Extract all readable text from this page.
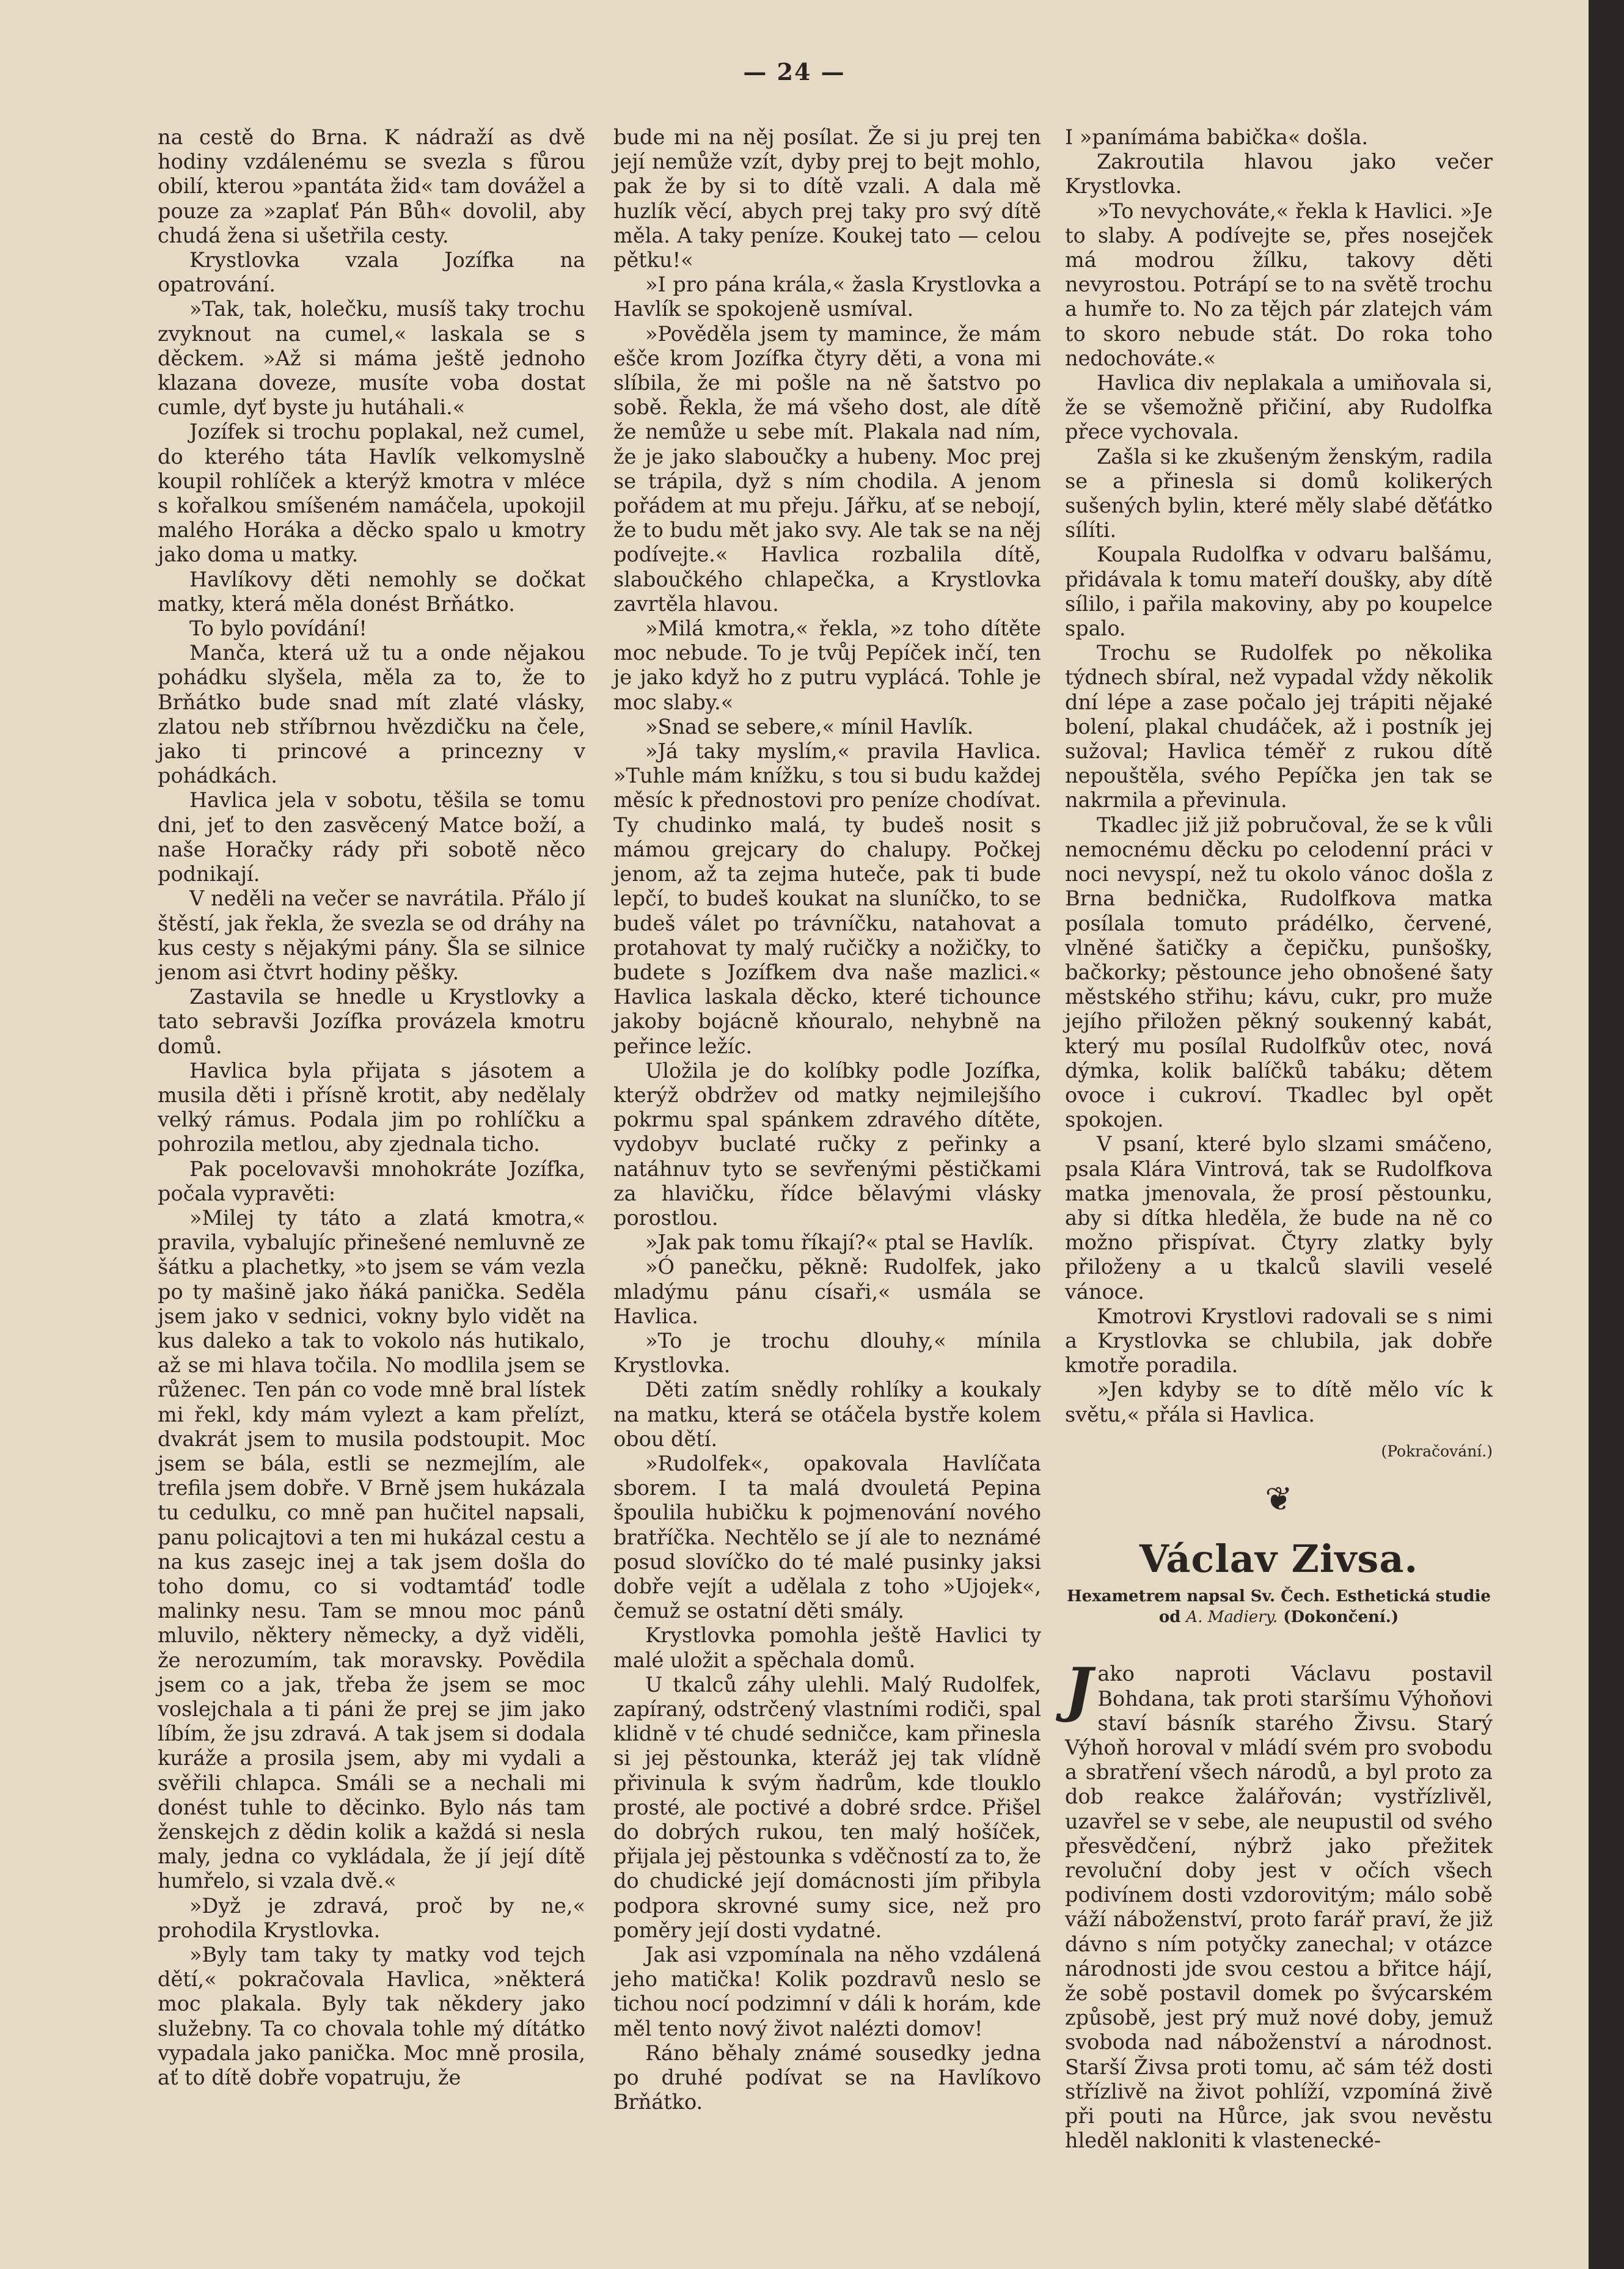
— 24 —

na cestě do Brna. K nádraží as dvě hodiny vzdálenému se svezla s fůrou obilí, kterou »pantáta žid« tam dovážel a pouze za »zaplať Pán Bůh« dovolil, aby chudá žena si ušetřila cesty.

Krystlovka vzala Jozífka na opatrování.

»Tak, tak, holečku, musíš taky trochu zvyknout na cumel,« laskala se s děckem. »Až si máma ještě jednoho klazana doveze, musíte voba dostat cumle, dyť byste ju hutáhali.«

Jozífek si trochu poplakal, než cumel, do kterého táta Havlík velkomyslně koupil rohlíček a kterýž kmotra v mléce s kořalkou smíšeném namáčela, upokojil malého Horáka a děcko spalo u kmotry jako doma u matky.

Havlíkovy děti nemohly se dočkat matky, která měla donést Brňátko.

To bylo povídání!

Manča, která už tu a onde nějakou pohádku slyšela, měla za to, že to Brňátko bude snad mít zlaté vlásky, zlatou neb stříbrnou hvězdičku na čele, jako ti princové a princezny v pohádkách.

Havlica jela v sobotu, těšila se tomu dni, jeť to den zasvěcený Matce boží, a naše Horačky rády při sobotě něco podnikají.

V neděli na večer se navrátila. Přálo jí štěstí, jak řekla, že svezla se od dráhy na kus cesty s nějakými pány. Šla se silnice jenom asi čtvrt hodiny pěšky.

Zastavila se hnedle u Krystlovky a tato sebravši Jozífka provázela kmotru domů.

Havlica byla přijata s jásotem a musila děti i přísně krotit, aby nedělaly velký rámus. Podala jim po rohlíčku a pohrozila metlou, aby zjednala ticho.

Pak pocelovavši mnohokráte Jozífka, počala vypravěti:

»Milej ty táto a zlatá kmotra,« pravila, vybalujíc přinešené nemluvně ze šátku a plachetky, »to jsem se vám vezla po ty mašině jako ňáká panička. Seděla jsem jako v sednici, vokny bylo vidět na kus daleko a tak to vokolo nás hutikalo, až se mi hlava točila. No modlila jsem se růženec. Ten pán co vode mně bral lístek mi řekl, kdy mám vylezt a kam přelízt, dvakrát jsem to musila podstoupit. Moc jsem se bála, estli se nezmejlím, ale trefila jsem dobře. V Brně jsem hukázala tu cedulku, co mně pan hučitel napsali, panu policajtovi a ten mi hukázal cestu a na kus zasejc inej a tak jsem došla do toho domu, co si vodtamtáď todle malinky nesu. Tam se mnou moc pánů mluvilo, některy německy, a dyž viděli, že nerozumím, tak moravsky. Povědila jsem co a jak, třeba že jsem se moc voslejchala a ti páni že prej se jim jako líbím, že jsu zdravá. A tak jsem si dodala kuráže a prosila jsem, aby mi vydali a svěřili chlapca. Smáli se a nechali mi donést tuhle to děcinko. Bylo nás tam ženskejch z dědin kolik a každá si nesla maly, jedna co vykládala, že jí její dítě humřelo, si vzala dvě.«

»Dyž je zdravá, proč by ne,« prohodila Krystlovka.

»Byly tam taky ty matky vod tejch dětí,« pokračovala Havlica, »některá moc plakala. Byly tak někdery jako služebny. Ta co chovala tohle mý dítátko vypadala jako panička. Moc mně prosila, ať to dítě dobře vopatruju, že

bude mi na něj posílat. Že si ju prej ten její nemůže vzít, dyby prej to bejt mohlo, pak že by si to dítě vzali. A dala mě huzlík věcí, abych prej taky pro svý dítě měla. A taky peníze. Koukej tato — celou pětku!«

»I pro pána krála,« žasla Krystlovka a Havlík se spokojeně usmíval.

»Pověděla jsem ty mamince, že mám ešče krom Jozífka čtyry děti, a vona mi slíbila, že mi pošle na ně šatstvo po sobě. Řekla, že má všeho dost, ale dítě že nemůže u sebe mít. Plakala nad ním, že je jako slaboučky a hubeny. Moc prej se trápila, dyž s ním chodila. A jenom pořádem at mu přeju. Jářku, ať se nebojí, že to budu mět jako svy. Ale tak se na něj podívejte.« Havlica rozbalila dítě, slaboučkého chlapečka, a Krystlovka zavrtěla hlavou.

»Milá kmotra,« řekla, »z toho dítěte moc nebude. To je tvůj Pepíček inčí, ten je jako když ho z putru vyplácá. Tohle je moc slaby.«

»Snad se sebere,« mínil Havlík.

»Já taky myslím,« pravila Havlica. »Tuhle mám knížku, s tou si budu každej měsíc k přednostovi pro peníze chodívat. Ty chudinko malá, ty budeš nosit s mámou grejcary do chalupy. Počkej jenom, až ta zejma huteče, pak ti bude lepčí, to budeš koukat na sluníčko, to se budeš válet po trávníčku, natahovat a protahovat ty malý ručičky a nožičky, to budete s Jozífkem dva naše mazlici.« Havlica laskala děcko, které tichounce jakoby bojácně kňouralo, nehybně na peřince ležíc.

Uložila je do kolíbky podle Jozífka, kterýž obdržev od matky nejmilejšího pokrmu spal spánkem zdravého dítěte, vydobyv buclaté ručky z peřinky a natáhnuv tyto se sevřenými pěstičkami za hlavičku, řídce bělavými vlásky porostlou.

»Jak pak tomu říkají?« ptal se Havlík.

»Ó panečku, pěkně: Rudolfek, jako mladýmu pánu císaři,« usmála se Havlica.

»To je trochu dlouhy,« mínila Krystlovka.

Děti zatím snědly rohlíky a koukaly na matku, která se otáčela bystře kolem obou dětí.

»Rudolfek«, opakovala Havlíčata sborem. I ta malá dvouletá Pepina špoulila hubičku k pojmenování nového bratříčka. Nechtělo se jí ale to neznámé posud slovíčko do té malé pusinky jaksi dobře vejít a udělala z toho »Ujojek«, čemuž se ostatní děti smály.

Krystlovka pomohla ještě Havlici ty malé uložit a spěchala domů.

U tkalců záhy ulehli. Malý Rudolfek, zapíraný, odstrčený vlastními rodiči, spal klidně v té chudé sedničce, kam přinesla si jej pěstounka, kteráž jej tak vlídně přivinula k svým ňadrům, kde tlouklo prosté, ale poctivé a dobré srdce. Přišel do dobrých rukou, ten malý hošíček, přijala jej pěstounka s vděčností za to, že do chudické její domácnosti jím přibyla podpora skrovné sumy sice, než pro poměry její dosti vydatné.

Jak asi vzpomínala na něho vzdálená jeho matička! Kolik pozdravů neslo se tichou nocí podzimní v dáli k horám, kde měl tento nový život nalézti domov!

Ráno běhaly známé sousedky jedna po druhé podívat se na Havlíkovo Brňátko.

I »panímáma babička« došla.

Zakroutila hlavou jako večer Krystlovka.

»To nevychováte,« řekla k Havlici. »Je to slaby. A podívejte se, přes nosejček má modrou žílku, takovy děti nevyrostou. Potrápí se to na světě trochu a humře to. No za tějch pár zlatejch vám to skoro nebude stát. Do roka toho nedochováte.«

Havlica div neplakala a umiňovala si, že se všemožně přičiní, aby Rudolfka přece vychovala.

Zašla si ke zkušeným ženským, radila se a přinesla si domů kolikerých sušených bylin, které měly slabé děťátko sílíti.

Koupala Rudolfka v odvaru balšámu, přidávala k tomu mateří doušky, aby dítě sílilo, i pařila makoviny, aby po koupelce spalo.

Trochu se Rudolfek po několika týdnech sbíral, než vypadal vždy několik dní lépe a zase počalo jej trápiti nějaké bolení, plakal chudáček, až i postník jej sužoval; Havlica téměř z rukou dítě nepouštěla, svého Pepíčka jen tak se nakrmila a převinula.

Tkadlec již již pobručoval, že se k vůli nemocnému děcku po celodenní práci v noci nevyspí, než tu okolo vánoc došla z Brna bednička, Rudolfkova matka posílala tomuto prádélko, červené, vlněné šatičky a čepičku, punšošky, bačkorky; pěstounce jeho obnošené šaty městského střihu; kávu, cukr, pro muže jejího přiložen pěkný soukenný kabát, který mu posílal Rudolfkův otec, nová dýmka, kolik balíčků tabáku; dětem ovoce i cukroví. Tkadlec byl opět spokojen.

V psaní, které bylo slzami smáčeno, psala Klára Vintrová, tak se Rudolfkova matka jmenovala, že prosí pěstounku, aby si dítka hleděla, že bude na ně co možno přispívat. Čtyry zlatky byly přiloženy a u tkalců slavili veselé vánoce.

Kmotrovi Krystlovi radovali se s nimi a Krystlovka se chlubila, jak dobře kmotře poradila.

»Jen kdyby se to dítě mělo víc k světu,« přála si Havlica.

(Pokračování.)

❦

Václav Zivsa.

Hexametrem napsal Sv. Čech. Esthetická studie od A. Madiery. (Dokončení.)

Jako naproti Václavu postavil Bohdana, tak proti staršímu Výhoňovi staví básník starého Živsu. Starý Výhoň horoval v mládí svém pro svobodu a sbratření všech národů, a byl proto za dob reakce žalářován; vystřízlivěl, uzavřel se v sebe, ale neupustil od svého přesvědčení, nýbrž jako přežitek revoluční doby jest v očích všech podivínem dosti vzdorovitým; málo sobě váží náboženství, proto farář praví, že již dávno s ním potyčky zanechal; v otázce národnosti jde svou cestou a břitce hájí, že sobě postavil domek po švýcarském způsobě, jest prý muž nové doby, jemuž svoboda nad náboženství a národnost. Starší Živsa proti tomu, ač sám též dosti střízlivě na život pohlíží, vzpomíná živě při pouti na Hůrce, jak svou nevěstu hleděl nakloniti k vlastenecké-
